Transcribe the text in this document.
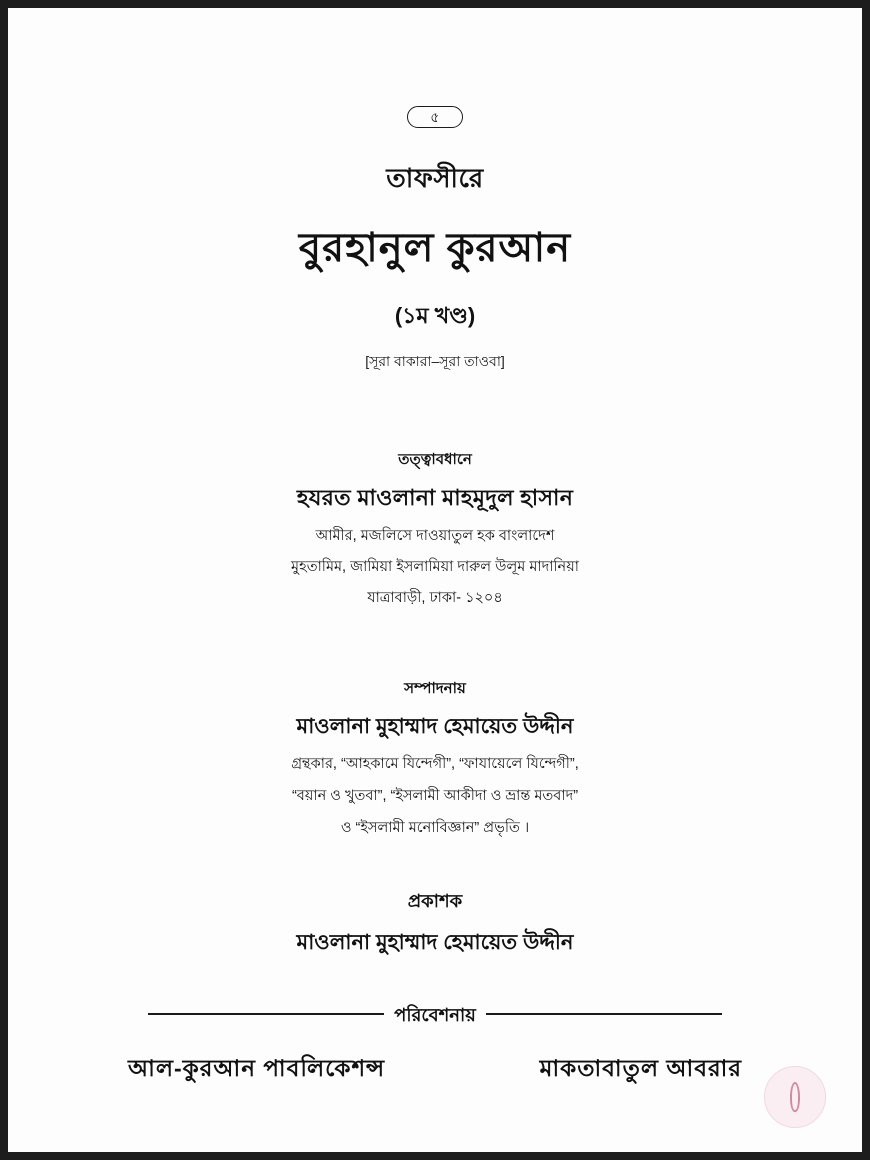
৫
তাফসীরে
বুরহানুল কুরআন
(১ম খণ্ড)
[সূরা বাকারা–সূরা তাওবা]
তত্ত্বাবধানে
হযরত মাওলানা মাহমূদুল হাসান
আমীর, মজলিসে দাওয়াতুল হক বাংলাদেশ
মুহতামিম, জামিয়া ইসলামিয়া দারুল উলূম মাদানিয়া
যাত্রাবাড়ী, ঢাকা- ১২০৪
সম্পাদনায়
মাওলানা মুহাম্মাদ হেমায়েত উদ্দীন
গ্রন্থকার, “আহকামে যিন্দেগী”, “ফাযায়েলে যিন্দেগী”,
“বয়ান ও খুতবা”, “ইসলামী আকীদা ও ভ্রান্ত মতবাদ”
ও “ইসলামী মনোবিজ্ঞান” প্রভৃতি ।
প্রকাশক
মাওলানা মুহাম্মাদ হেমায়েত উদ্দীন
পরিবেশনায়
আল-কুরআন পাবলিকেশন্স	মাকতাবাতুল আবরার
